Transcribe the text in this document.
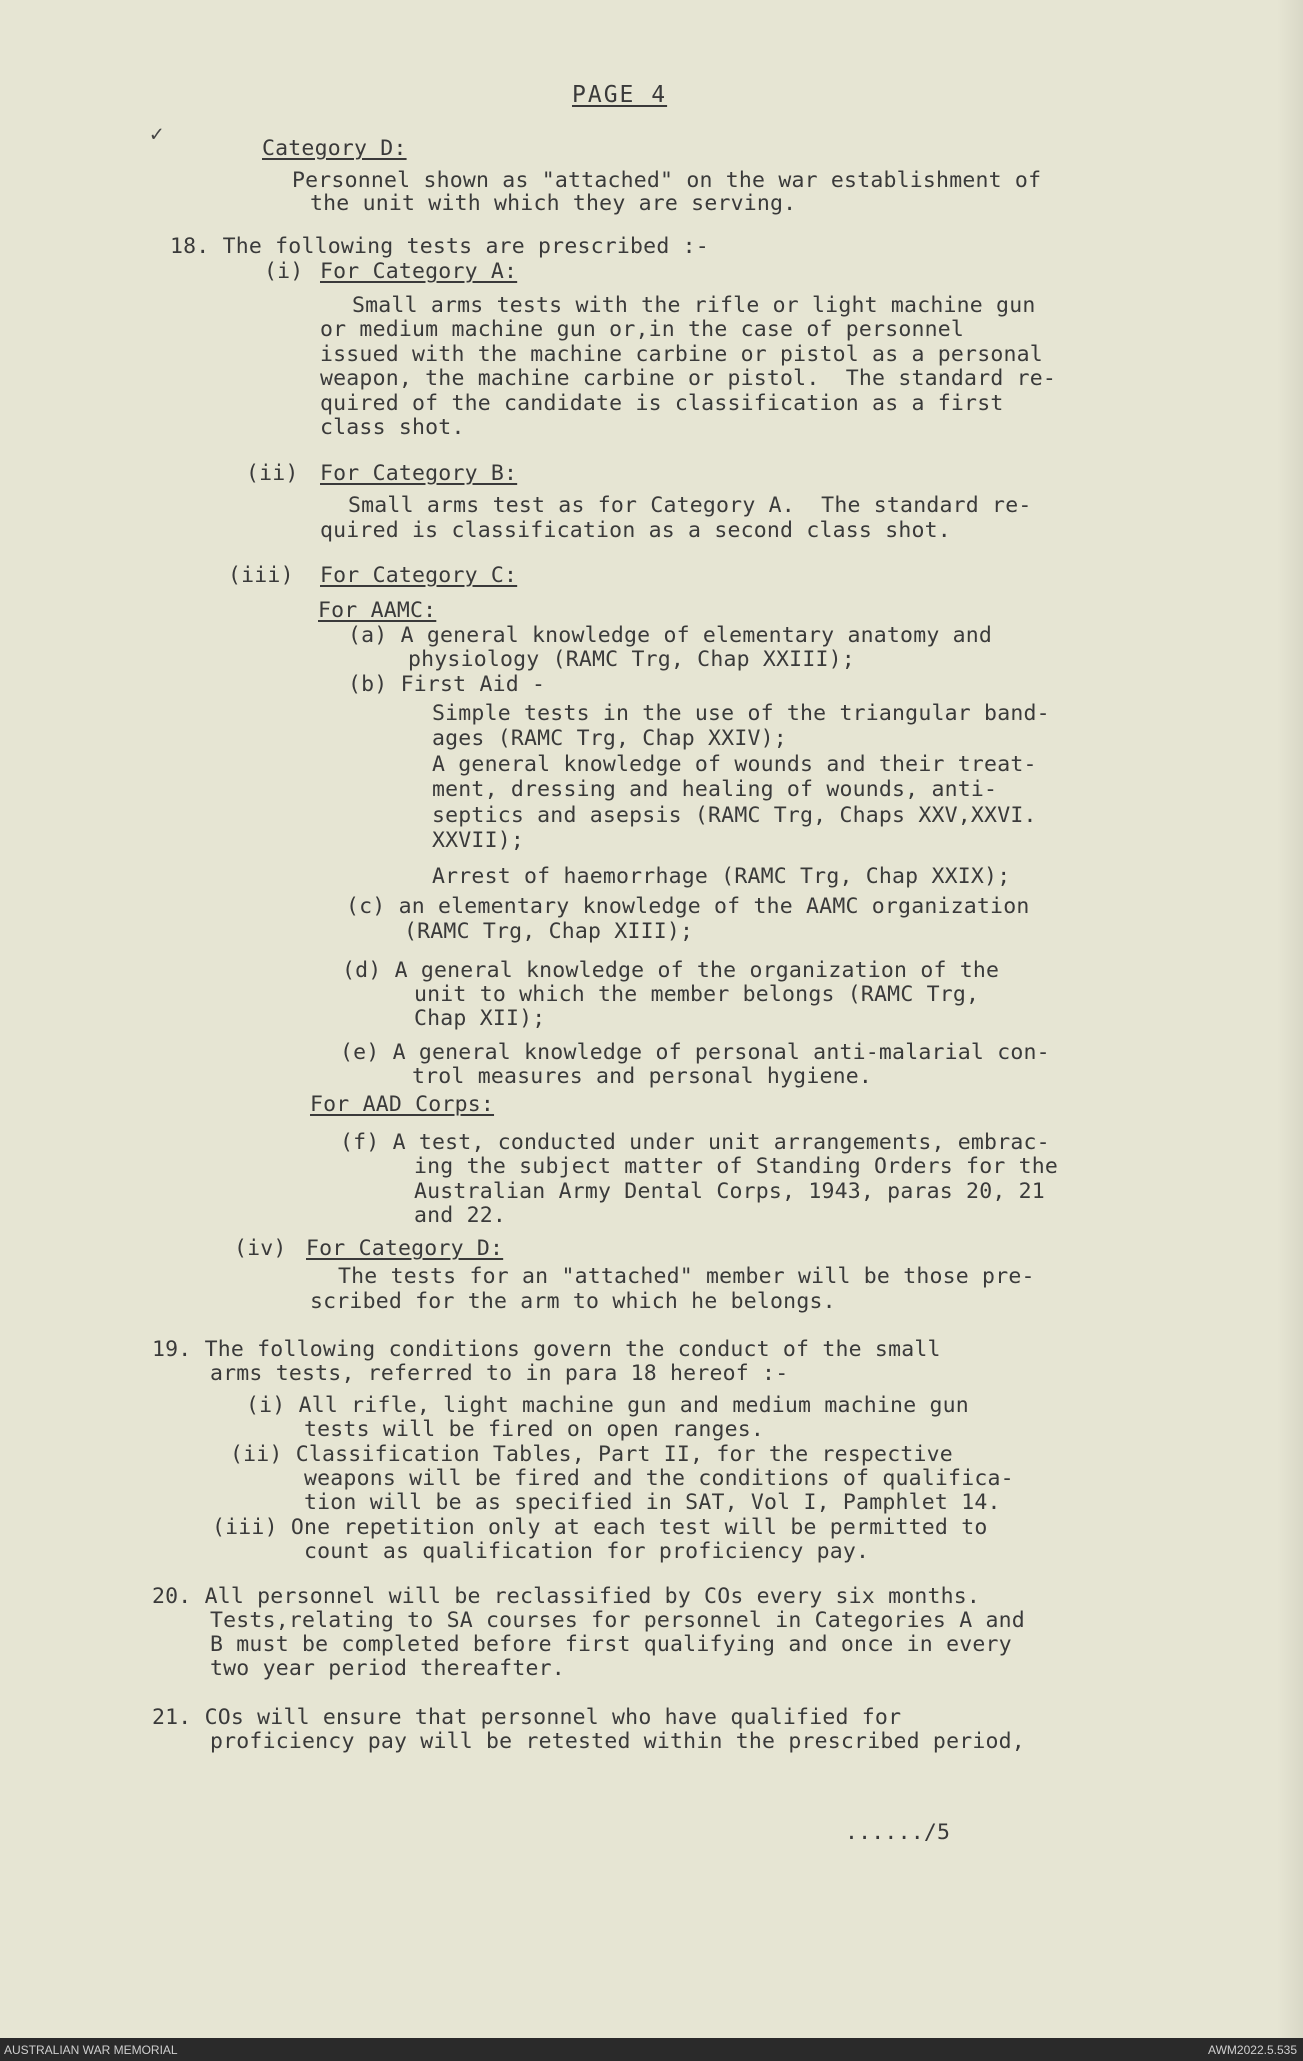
PAGE 4
✓
Category D:
Personnel shown as "attached" on the war establishment of
the unit with which they are serving.
18. The following tests are prescribed :-
(i) For Category A:
Small arms tests with the rifle or light machine gun
or medium machine gun or,in the case of personnel
issued with the machine carbine or pistol as a personal
weapon, the machine carbine or pistol.  The standard re-
quired of the candidate is classification as a first
class shot.
(ii) For Category B:
Small arms test as for Category A.  The standard re-
quired is classification as a second class shot.
(iii) For Category C:
For AAMC:
(a) A general knowledge of elementary anatomy and
physiology (RAMC Trg, Chap XXIII);
(b) First Aid -
Simple tests in the use of the triangular band-
ages (RAMC Trg, Chap XXIV);
A general knowledge of wounds and their treat-
ment, dressing and healing of wounds, anti-
septics and asepsis (RAMC Trg, Chaps XXV,XXVI.
XXVII);
Arrest of haemorrhage (RAMC Trg, Chap XXIX);
(c) an elementary knowledge of the AAMC organization
(RAMC Trg, Chap XIII);
(d) A general knowledge of the organization of the
unit to which the member belongs (RAMC Trg,
Chap XII);
(e) A general knowledge of personal anti-malarial con-
trol measures and personal hygiene.
For AAD Corps:
(f) A test, conducted under unit arrangements, embrac-
ing the subject matter of Standing Orders for the
Australian Army Dental Corps, 1943, paras 20, 21
and 22.
(iv) For Category D:
The tests for an "attached" member will be those pre-
scribed for the arm to which he belongs.
19. The following conditions govern the conduct of the small
arms tests, referred to in para 18 hereof :-
(i) All rifle, light machine gun and medium machine gun
tests will be fired on open ranges.
(ii) Classification Tables, Part II, for the respective
weapons will be fired and the conditions of qualifica-
tion will be as specified in SAT, Vol I, Pamphlet 14.
(iii) One repetition only at each test will be permitted to
count as qualification for proficiency pay.
20. All personnel will be reclassified by COs every six months.
Tests,relating to SA courses for personnel in Categories A and
B must be completed before first qualifying and once in every
two year period thereafter.
21. COs will ensure that personnel who have qualified for
proficiency pay will be retested within the prescribed period,
....../5
AUSTRALIAN WAR MEMORIAL	AWM2022.5.535
